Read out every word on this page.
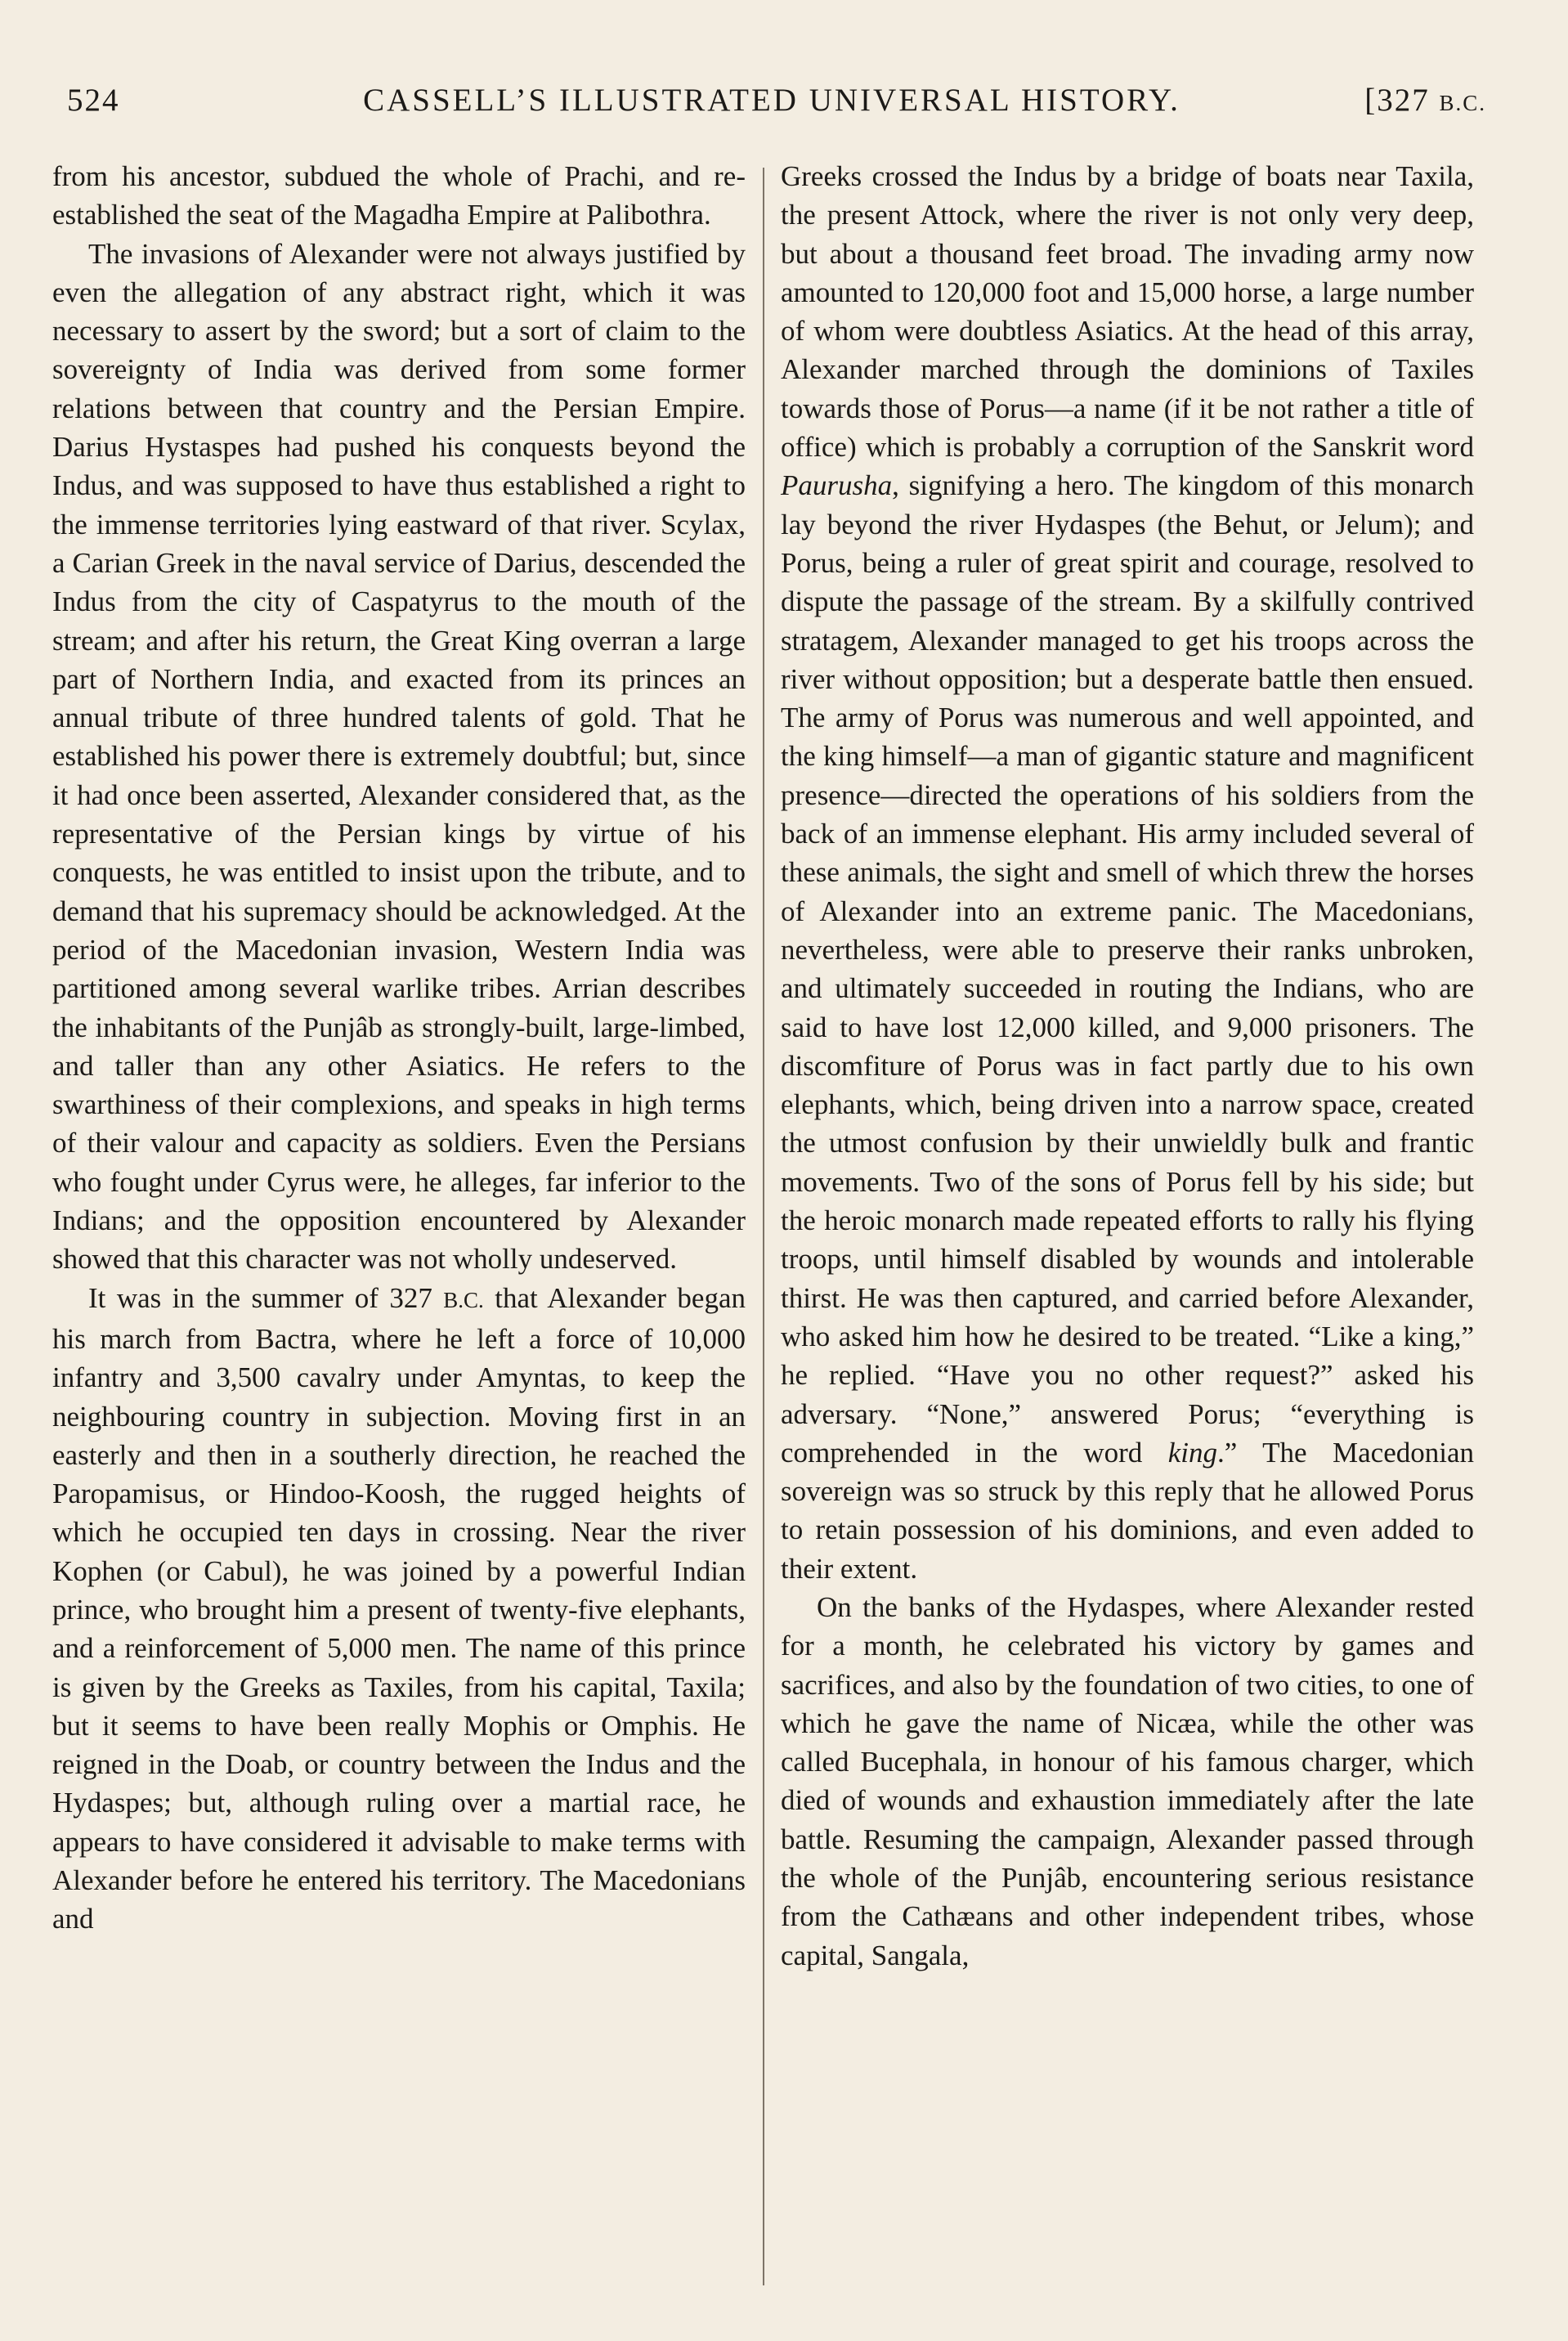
524	CASSELL’S ILLUSTRATED UNIVERSAL HISTORY.	[327 B.C.

from his ancestor, subdued the whole of Prachi, and re-established the seat of the Magadha Empire at Palibothra.

The invasions of Alexander were not always justified by even the allegation of any abstract right, which it was necessary to assert by the sword; but a sort of claim to the sovereignty of India was derived from some former relations between that country and the Persian Empire. Darius Hystaspes had pushed his conquests beyond the Indus, and was supposed to have thus established a right to the immense territories lying eastward of that river. Scylax, a Carian Greek in the naval service of Darius, descended the Indus from the city of Caspatyrus to the mouth of the stream; and after his return, the Great King overran a large part of Northern India, and exacted from its princes an annual tribute of three hundred talents of gold. That he established his power there is extremely doubtful; but, since it had once been asserted, Alexander considered that, as the representative of the Persian kings by virtue of his conquests, he was entitled to insist upon the tribute, and to demand that his supremacy should be acknowledged. At the period of the Macedonian invasion, Western India was partitioned among several warlike tribes. Arrian describes the inhabitants of the Punjâb as strongly-built, large-limbed, and taller than any other Asiatics. He refers to the swarthiness of their complexions, and speaks in high terms of their valour and capacity as soldiers. Even the Persians who fought under Cyrus were, he alleges, far inferior to the Indians; and the opposition encountered by Alexander showed that this character was not wholly undeserved.

It was in the summer of 327 B.C. that Alexander began his march from Bactra, where he left a force of 10,000 infantry and 3,500 cavalry under Amyntas, to keep the neighbouring country in subjection. Moving first in an easterly and then in a southerly direction, he reached the Paropamisus, or Hindoo-Koosh, the rugged heights of which he occupied ten days in crossing. Near the river Kophen (or Cabul), he was joined by a powerful Indian prince, who brought him a present of twenty-five elephants, and a reinforcement of 5,000 men. The name of this prince is given by the Greeks as Taxiles, from his capital, Taxila; but it seems to have been really Mophis or Omphis. He reigned in the Doab, or country between the Indus and the Hydaspes; but, although ruling over a martial race, he appears to have considered it advisable to make terms with Alexander before he entered his territory. The Macedonians and

Greeks crossed the Indus by a bridge of boats near Taxila, the present Attock, where the river is not only very deep, but about a thousand feet broad. The invading army now amounted to 120,000 foot and 15,000 horse, a large number of whom were doubtless Asiatics. At the head of this array, Alexander marched through the dominions of Taxiles towards those of Porus—a name (if it be not rather a title of office) which is probably a corruption of the Sanskrit word Paurusha, signifying a hero. The kingdom of this monarch lay beyond the river Hydaspes (the Behut, or Jelum); and Porus, being a ruler of great spirit and courage, resolved to dispute the passage of the stream. By a skilfully contrived stratagem, Alexander managed to get his troops across the river without opposition; but a desperate battle then ensued. The army of Porus was numerous and well appointed, and the king himself—a man of gigantic stature and magnificent presence—directed the operations of his soldiers from the back of an immense elephant. His army included several of these animals, the sight and smell of which threw the horses of Alexander into an extreme panic. The Macedonians, nevertheless, were able to preserve their ranks unbroken, and ultimately succeeded in routing the Indians, who are said to have lost 12,000 killed, and 9,000 prisoners. The discomfiture of Porus was in fact partly due to his own elephants, which, being driven into a narrow space, created the utmost confusion by their unwieldly bulk and frantic movements. Two of the sons of Porus fell by his side; but the heroic monarch made repeated efforts to rally his flying troops, until himself disabled by wounds and intolerable thirst. He was then captured, and carried before Alexander, who asked him how he desired to be treated. “Like a king,” he replied. “Have you no other request?” asked his adversary. “None,” answered Porus; “everything is comprehended in the word king.” The Macedonian sovereign was so struck by this reply that he allowed Porus to retain possession of his dominions, and even added to their extent.

On the banks of the Hydaspes, where Alexander rested for a month, he celebrated his victory by games and sacrifices, and also by the foundation of two cities, to one of which he gave the name of Nicæa, while the other was called Bucephala, in honour of his famous charger, which died of wounds and exhaustion immediately after the late battle. Resuming the campaign, Alexander passed through the whole of the Punjâb, encountering serious resistance from the Cathæans and other independent tribes, whose capital, Sangala,
